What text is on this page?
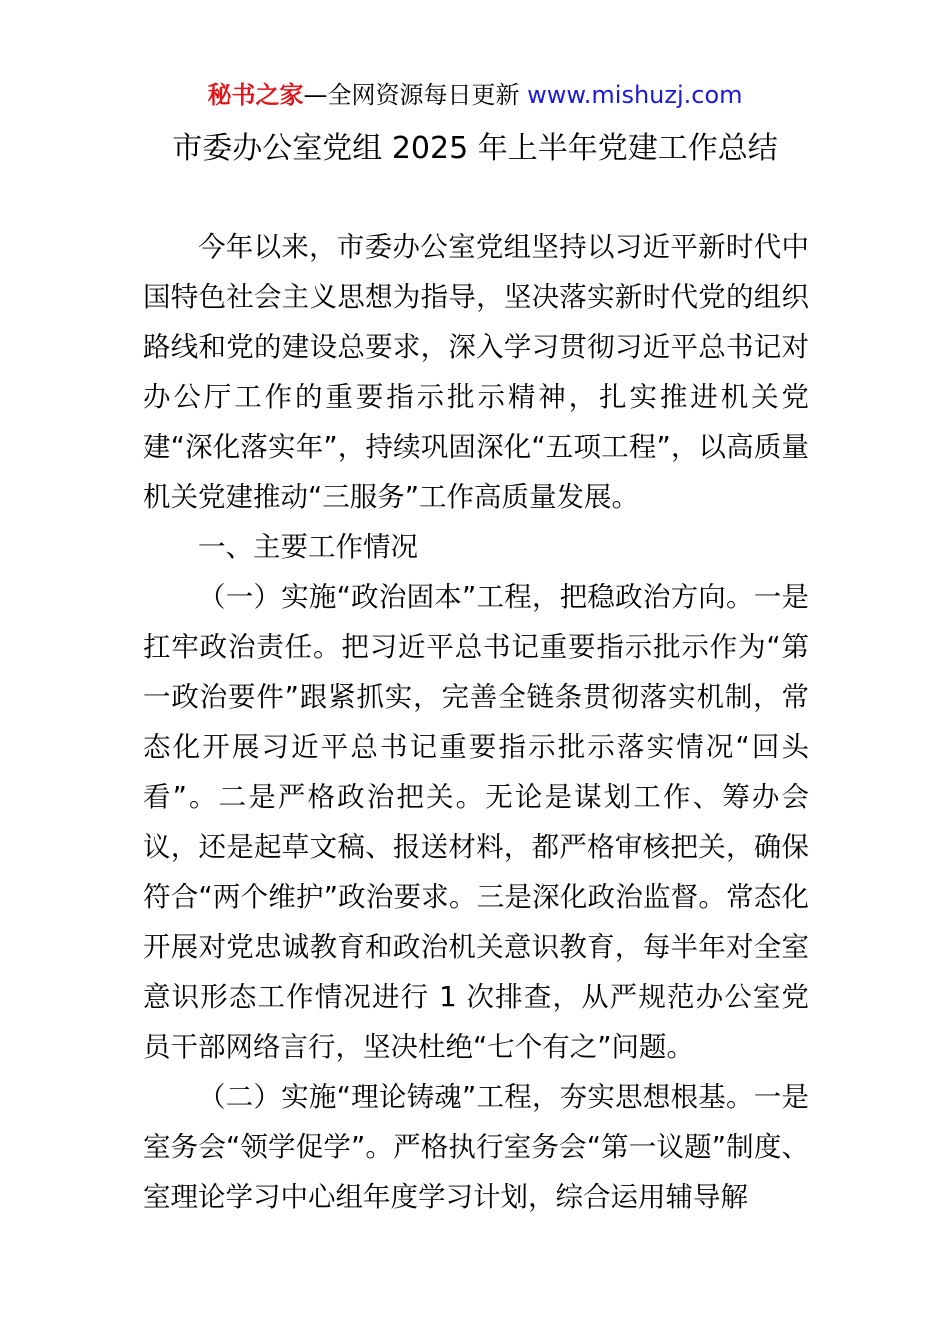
秘书之家—全网资源每日更新 www.mishuzj.com
市委办公室党组 2025 年上半年党建工作总结

今年以来，市委办公室党组坚持以习近平新时代中国特色社会主义思想为指导，坚决落实新时代党的组织路线和党的建设总要求，深入学习贯彻习近平总书记对办公厅工作的重要指示批示精神，扎实推进机关党建“深化落实年”，持续巩固深化“五项工程”，以高质量机关党建推动“三服务”工作高质量发展。

一、主要工作情况

（一）实施“政治固本”工程，把稳政治方向。一是扛牢政治责任。把习近平总书记重要指示批示作为“第一政治要件”跟紧抓实，完善全链条贯彻落实机制，常态化开展习近平总书记重要指示批示落实情况“回头看”。二是严格政治把关。无论是谋划工作、筹办会议，还是起草文稿、报送材料，都严格审核把关，确保符合“两个维护”政治要求。三是深化政治监督。常态化开展对党忠诚教育和政治机关意识教育，每半年对全室意识形态工作情况进行 1 次排查，从严规范办公室党员干部网络言行，坚决杜绝“七个有之”问题。

（二）实施“理论铸魂”工程，夯实思想根基。一是室务会“领学促学”。严格执行室务会“第一议题”制度、室理论学习中心组年度学习计划，综合运用辅导解
